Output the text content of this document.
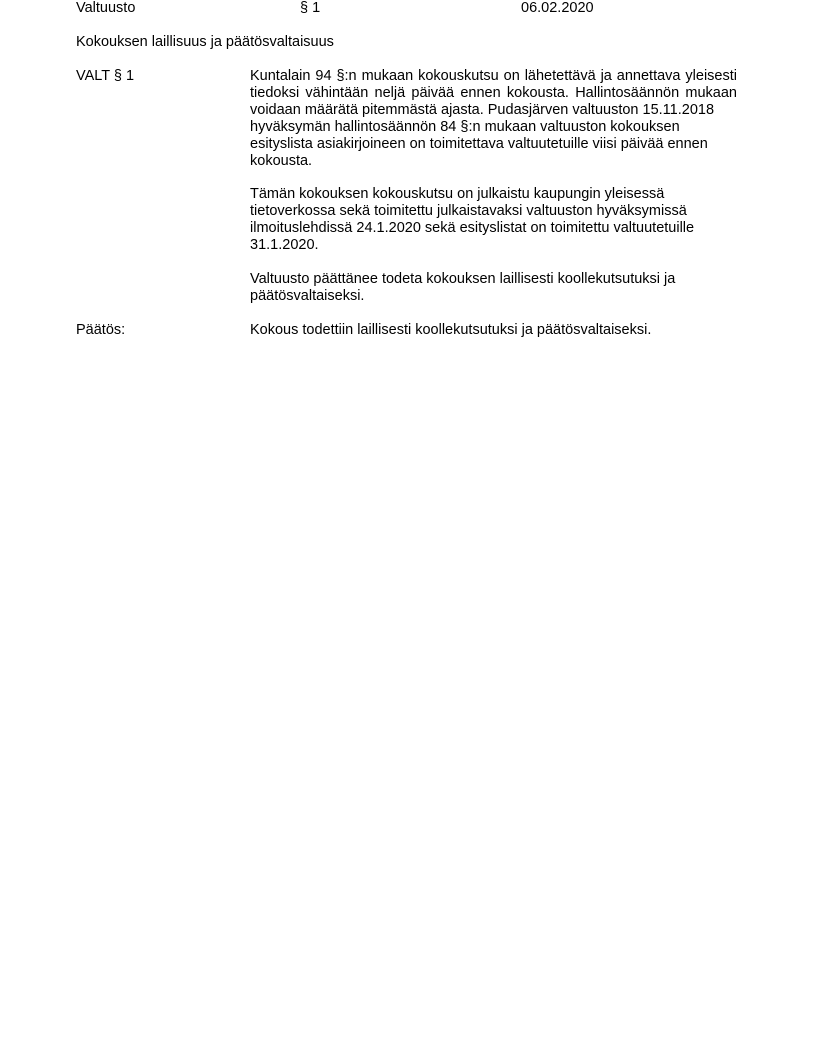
Valtuusto	§ 1	06.02.2020
Kokouksen laillisuus ja päätösvaltaisuus
VALT § 1	Kuntalain 94 §:n mukaan kokouskutsu on lähetettävä ja annettava yleisesti
tiedoksi vähintään neljä päivää ennen kokousta. Hallintosäännön mukaan
voidaan määrätä pitemmästä ajasta. Pudasjärven valtuuston 15.11.2018
hyväksymän hallintosäännön 84 §:n mukaan valtuuston kokouksen
esityslista asiakirjoineen on toimitettava valtuutetuille viisi päivää ennen
kokousta.
Tämän kokouksen kokouskutsu on julkaistu kaupungin yleisessä
tietoverkossa sekä toimitettu julkaistavaksi valtuuston hyväksymissä
ilmoituslehdissä 24.1.2020 sekä esityslistat on toimitettu valtuutetuille
31.1.2020.
Valtuusto päättänee todeta kokouksen laillisesti koollekutsutuksi ja
päätösvaltaiseksi.
Päätös:	Kokous todettiin laillisesti koollekutsutuksi ja päätösvaltaiseksi.
